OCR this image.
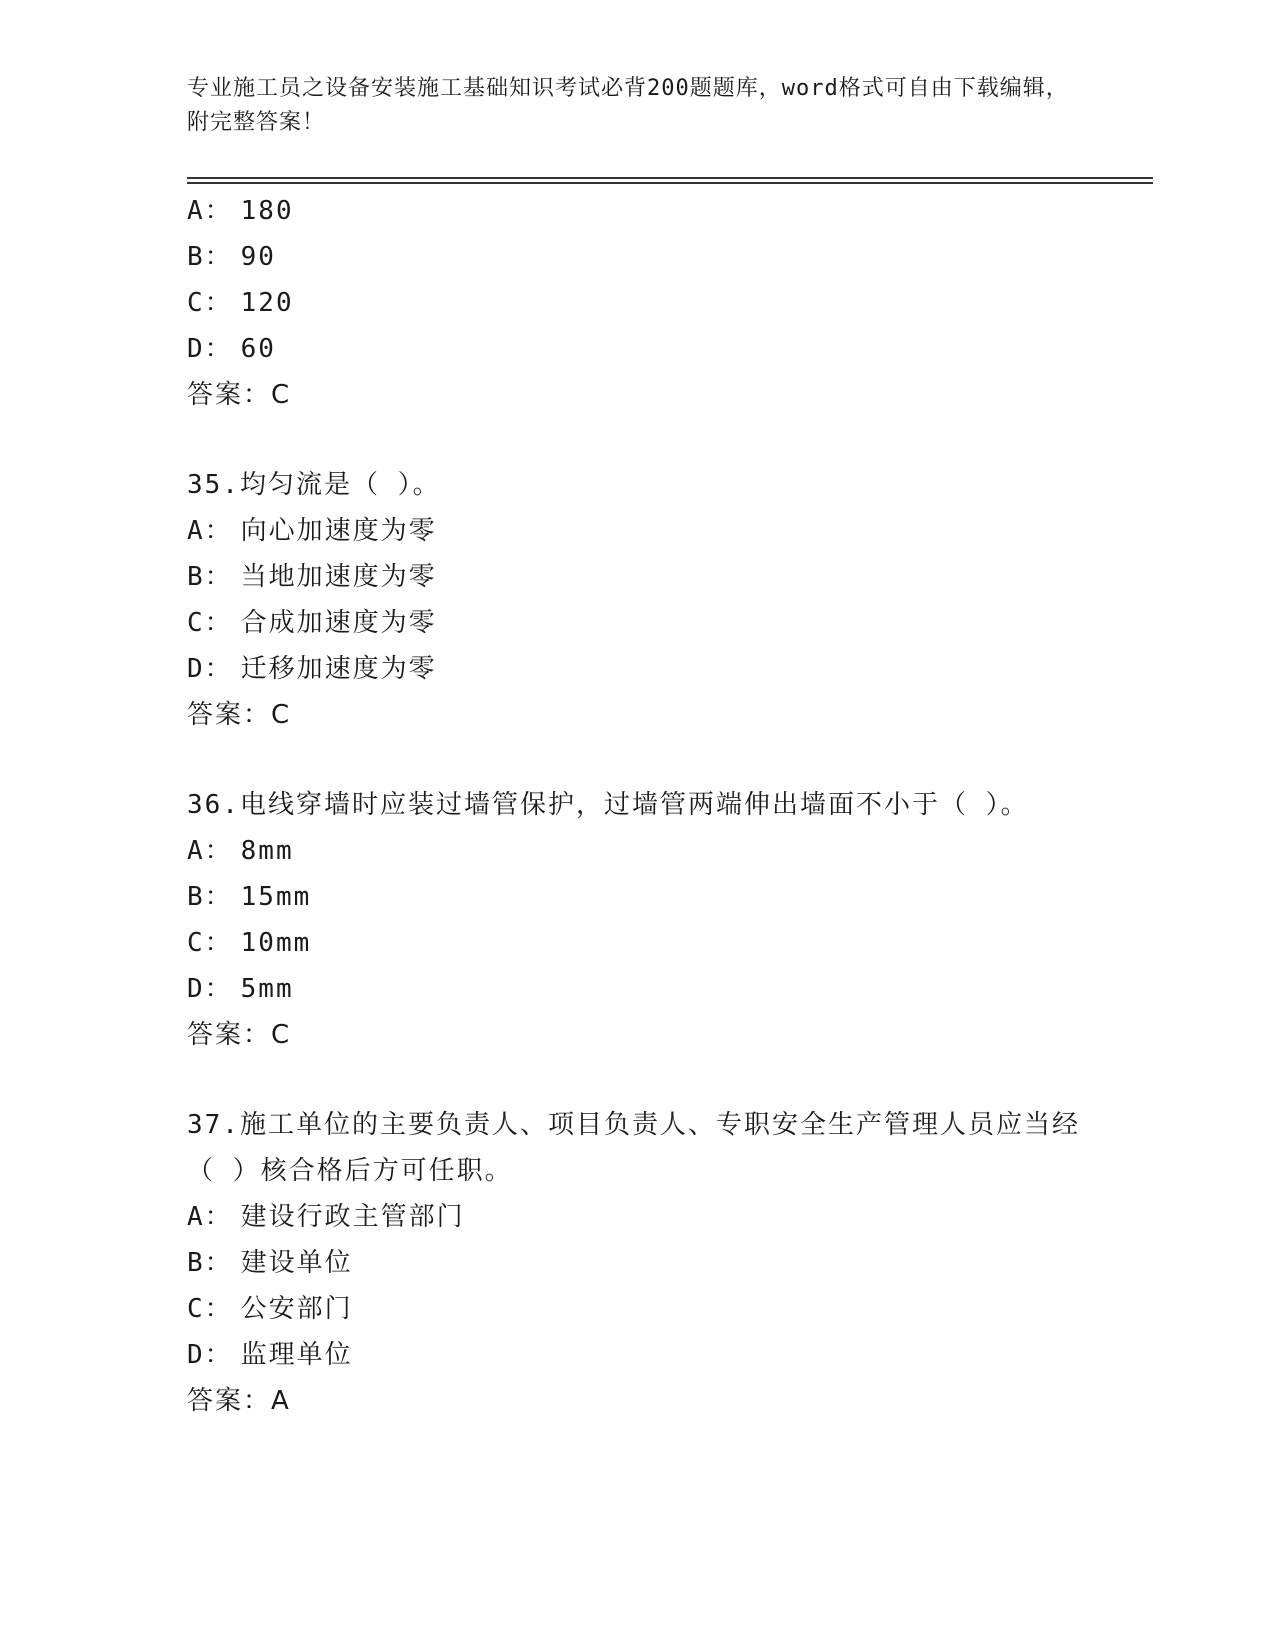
专业施工员之设备安装施工基础知识考试必背200题题库，word格式可自由下载编辑，附完整答案！
A： 180
B： 90
C： 120
D： 60
答案：C
35.均匀流是（ ）。
A： 向心加速度为零
B： 当地加速度为零
C： 合成加速度为零
D： 迁移加速度为零
答案：C
36.电线穿墙时应装过墙管保护，过墙管两端伸出墙面不小于（ ）。
A： 8mm
B： 15mm
C： 10mm
D： 5mm
答案：C
37.施工单位的主要负责人、项目负责人、专职安全生产管理人员应当经（ ）核合格后方可任职。
A： 建设行政主管部门
B： 建设单位
C： 公安部门
D： 监理单位
答案：A
